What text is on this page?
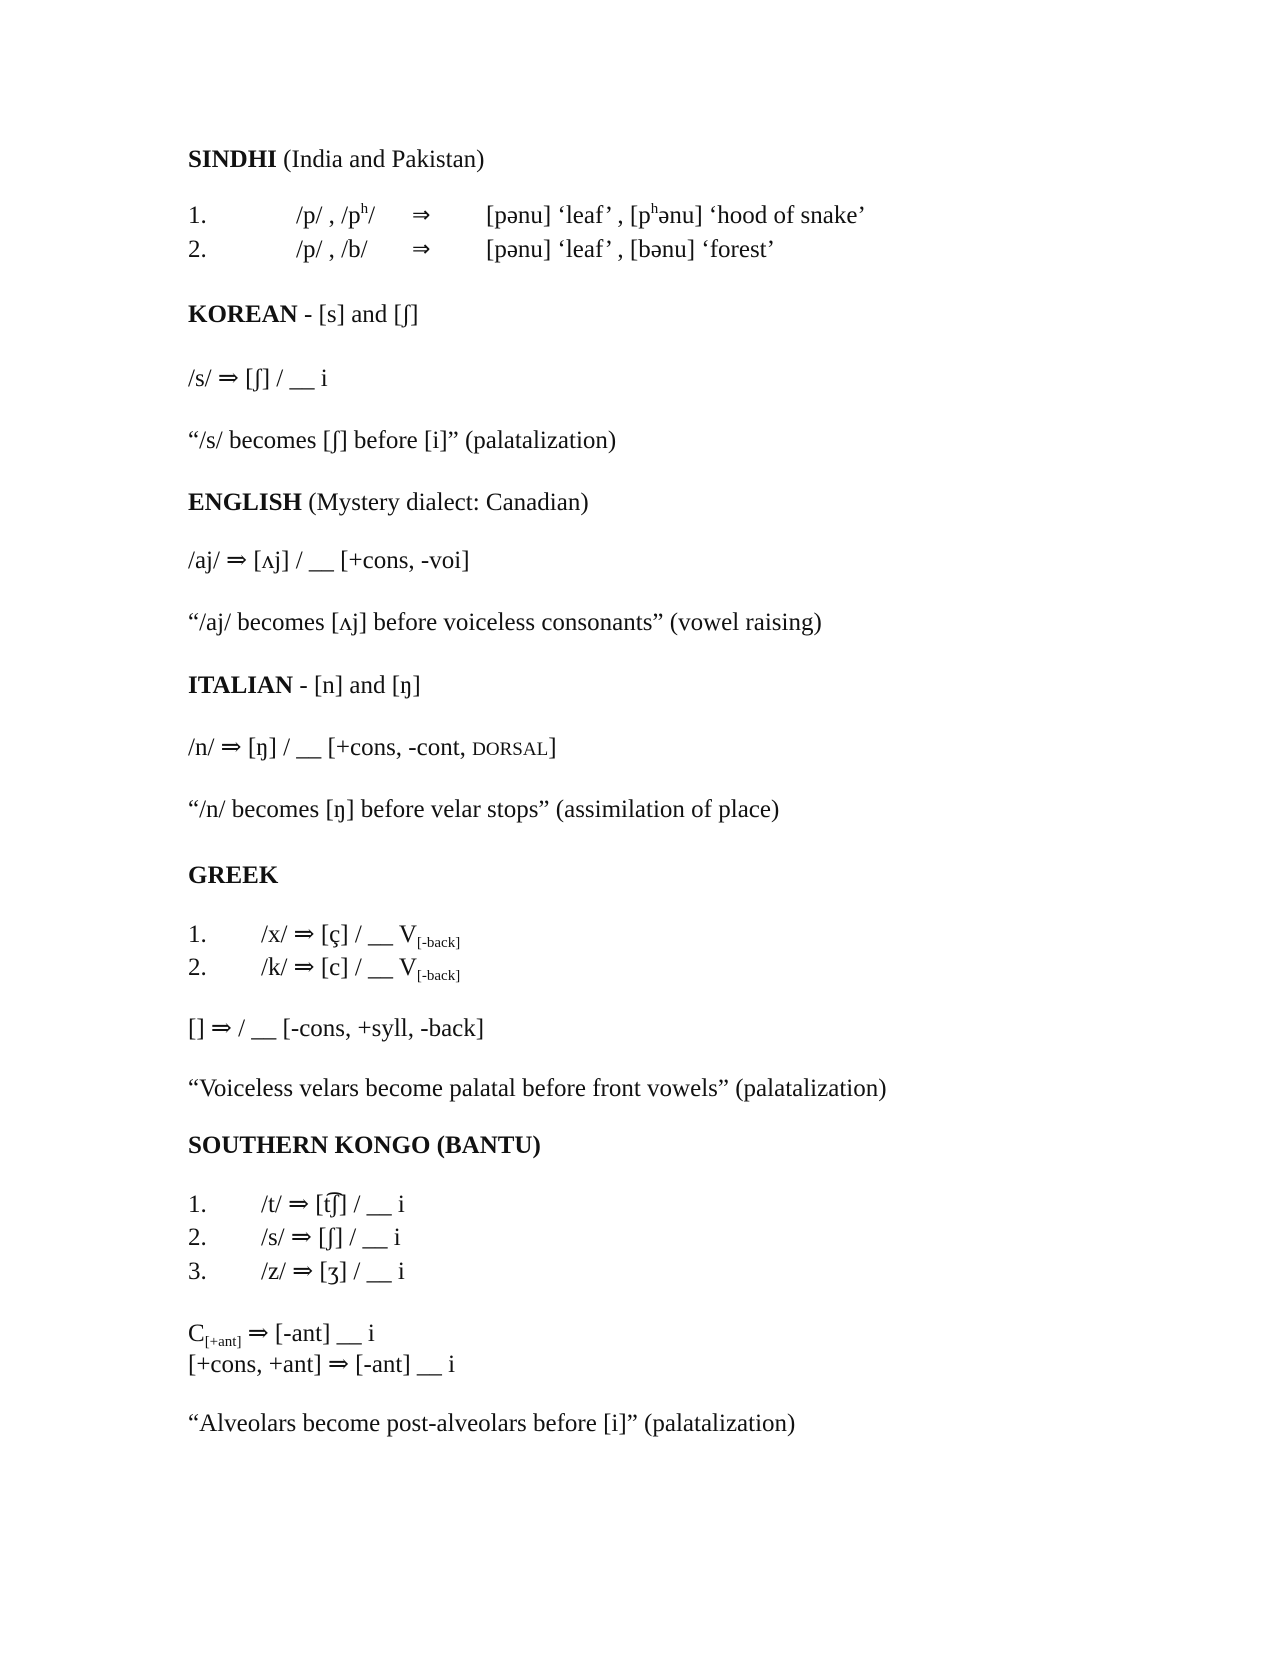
SINDHI (India and Pakistan)
1.	/p/ , $/p^h/$ ⇒ [pənu] ‘leaf’ , $[p^hənu]$ ‘hood of snake’
2.	/p/ , /b/ ⇒ [pənu] ‘leaf’ , [bənu] ‘forest’
KOREAN - [s] and [ʃ]
/s/ ⇒ [ʃ] / __ i
“/s/ becomes [ʃ] before [i]” (palatalization)
ENGLISH (Mystery dialect: Canadian)
/aj/ ⇒ [ʌj] / __ [+cons, -voi]
“/aj/ becomes [ʌj] before voiceless consonants” (vowel raising)
ITALIAN - [n] and [ŋ]
/n/ ⇒ [ŋ] / __ [+cons, -cont, DORSAL]
“/n/ becomes [ŋ] before velar stops” (assimilation of place)
GREEK
1. /x/ ⇒ [ç] / __ $V_{[-back]}$
2. /k/ ⇒ [c] / __ $V_{[-back]}$
[] ⇒ / __ [-cons, +syll, -back]
“Voiceless velars become palatal before front vowels” (palatalization)
SOUTHERN KONGO (BANTU)
1. /t/ ⇒ [t͡ʃ] / __ i
2. /s/ ⇒ [ʃ] / __ i
3. /z/ ⇒ [ʒ] / __ i
$C_{[+ant]}$ ⇒ [-ant] __ i
[+cons, +ant] ⇒ [-ant] __ i
“Alveolars become post-alveolars before [i]” (palatalization)
